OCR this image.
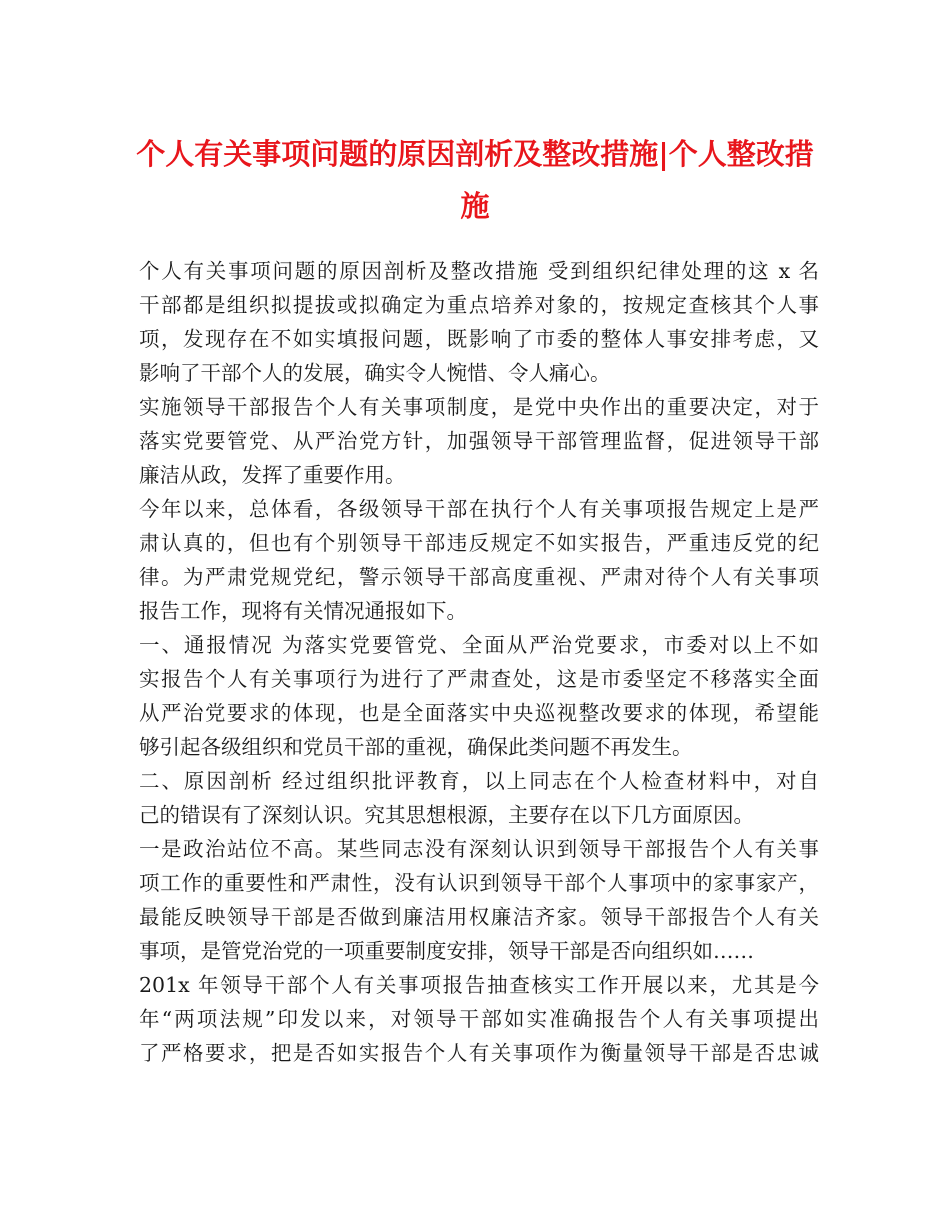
个人有关事项问题的原因剖析及整改措施|个人整改措
施
个人有关事项问题的原因剖析及整改措施 受到组织纪律处理的这 x 名
干部都是组织拟提拔或拟确定为重点培养对象的，按规定查核其个人事
项，发现存在不如实填报问题，既影响了市委的整体人事安排考虑，又
影响了干部个人的发展，确实令人惋惜、令人痛心。
实施领导干部报告个人有关事项制度，是党中央作出的重要决定，对于
落实党要管党、从严治党方针，加强领导干部管理监督，促进领导干部
廉洁从政，发挥了重要作用。
今年以来，总体看，各级领导干部在执行个人有关事项报告规定上是严
肃认真的，但也有个别领导干部违反规定不如实报告，严重违反党的纪
律。为严肃党规党纪，警示领导干部高度重视、严肃对待个人有关事项
报告工作，现将有关情况通报如下。
一、通报情况 为落实党要管党、全面从严治党要求，市委对以上不如
实报告个人有关事项行为进行了严肃查处，这是市委坚定不移落实全面
从严治党要求的体现，也是全面落实中央巡视整改要求的体现，希望能
够引起各级组织和党员干部的重视，确保此类问题不再发生。
二、原因剖析 经过组织批评教育，以上同志在个人检查材料中，对自
己的错误有了深刻认识。究其思想根源，主要存在以下几方面原因。
一是政治站位不高。某些同志没有深刻认识到领导干部报告个人有关事
项工作的重要性和严肃性，没有认识到领导干部个人事项中的家事家产，
最能反映领导干部是否做到廉洁用权廉洁齐家。领导干部报告个人有关
事项，是管党治党的一项重要制度安排，领导干部是否向组织如……
201x 年领导干部个人有关事项报告抽查核实工作开展以来，尤其是今
年“两项法规”印发以来，对领导干部如实准确报告个人有关事项提出
了严格要求，把是否如实报告个人有关事项作为衡量领导干部是否忠诚
